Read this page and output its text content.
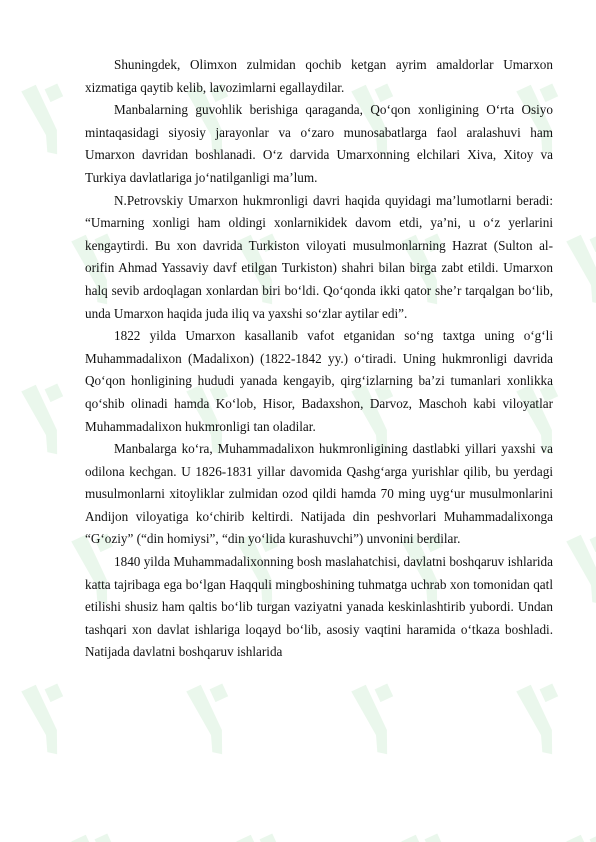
Shuningdek, Olimxon zulmidan qochib ketgan ayrim amaldorlar Umarxon xizmatiga qaytib kelib, lavozimlarni egallaydilar.

Manbalarning guvohlik berishiga qaraganda, Qo‘qon xonligining O‘rta Osiyo mintaqasidagi siyosiy jarayonlar va o‘zaro munosabatlarga faol aralashuvi ham Umarxon davridan boshlanadi. O‘z darvida Umarxonning elchilari Xiva, Xitoy va Turkiya davlatlariga jo‘natilganligi ma’lum.

N.Petrovskiy Umarxon hukmronligi davri haqida quyidagi ma’lumotlarni beradi: “Umarning xonligi ham oldingi xonlarnikidek davom etdi, ya’ni, u o‘z yerlarini kengaytirdi. Bu xon davrida Turkiston viloyati musulmonlarning Hazrat (Sulton al-orifin Ahmad Yassaviy davf etilgan Turkiston) shahri bilan birga zabt etildi. Umarxon halq sevib ardoqlagan xonlardan biri bo‘ldi. Qo‘qonda ikki qator she’r tarqalgan bo‘lib, unda Umarxon haqida juda iliq va yaxshi so‘zlar aytilar edi”.

1822 yilda Umarxon kasallanib vafot etganidan so‘ng taxtga uning o‘g‘li Muhammadalixon (Madalixon) (1822-1842 yy.) o‘tiradi. Uning hukmronligi davrida Qo‘qon honligining hududi yanada kengayib, qirg‘izlarning ba’zi tumanlari xonlikka qo‘shib olinadi hamda Ko‘lob, Hisor, Badaxshon, Darvoz, Maschoh kabi viloyatlar Muhammadalixon hukmronligi tan oladilar.

Manbalarga ko‘ra, Muhammadalixon hukmronligining dastlabki yillari yaxshi va odilona kechgan. U 1826-1831 yillar davomida Qashg‘arga yurishlar qilib, bu yerdagi musulmonlarni xitoyliklar zulmidan ozod qildi hamda 70 ming uyg‘ur musulmonlarini Andijon viloyatiga ko‘chirib keltirdi. Natijada din peshvorlari Muhammadalixonga “G‘oziy” (“din homiysi”, “din yo‘lida kurashuvchi”) unvonini berdilar.

1840 yilda Muhammadalixonning bosh maslahatchisi, davlatni boshqaruv ishlarida katta tajribaga ega bo‘lgan Haqquli mingboshining tuhmatga uchrab xon tomonidan qatl etilishi shusiz ham qaltis bo‘lib turgan vaziyatni yanada keskinlashtirib yubordi. Undan tashqari xon davlat ishlariga loqayd bo‘lib, asosiy vaqtini haramida o‘tkaza boshladi. Natijada davlatni boshqaruv ishlarida
